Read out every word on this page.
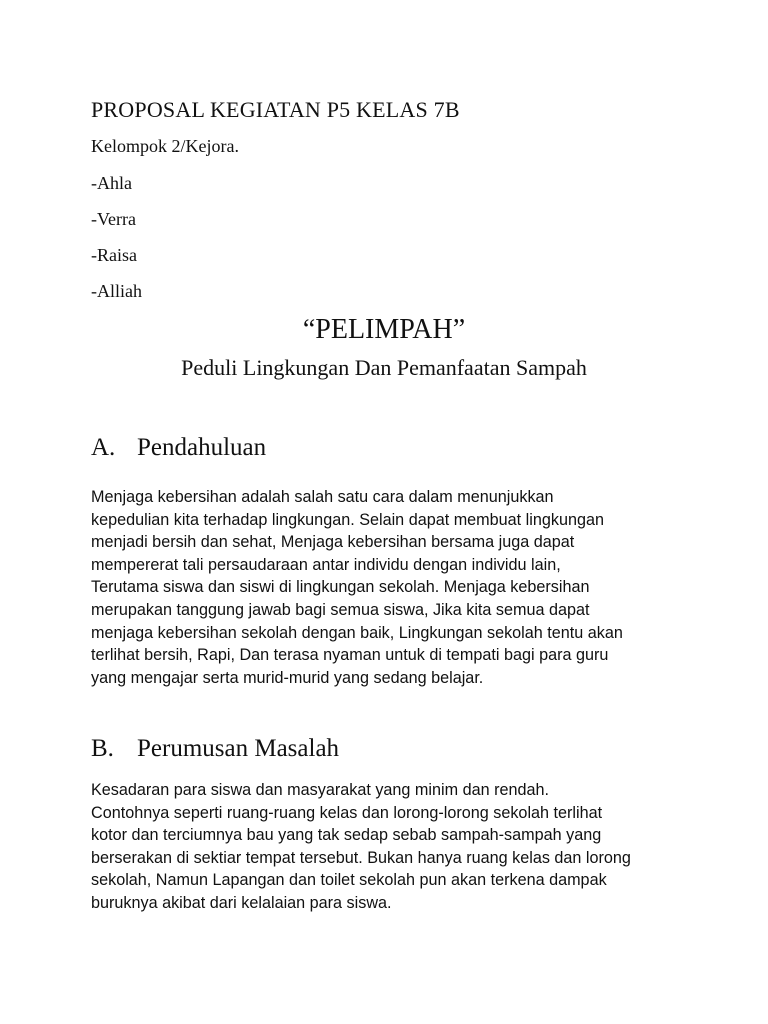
PROPOSAL KEGIATAN P5 KELAS 7B
Kelompok 2/Kejora.
-Ahla
-Verra
-Raisa
-Alliah
“PELIMPAH”
Peduli Lingkungan Dan Pemanfaatan Sampah
A. Pendahuluan

Menjaga kebersihan adalah salah satu cara dalam menunjukkan
kepedulian kita terhadap lingkungan. Selain dapat membuat lingkungan
menjadi bersih dan sehat, Menjaga kebersihan bersama juga dapat
mempererat tali persaudaraan antar individu dengan individu lain,
Terutama siswa dan siswi di lingkungan sekolah. Menjaga kebersihan
merupakan tanggung jawab bagi semua siswa, Jika kita semua dapat
menjaga kebersihan sekolah dengan baik, Lingkungan sekolah tentu akan
terlihat bersih, Rapi, Dan terasa nyaman untuk di tempati bagi para guru
yang mengajar serta murid-murid yang sedang belajar.

B. Perumusan Masalah

Kesadaran para siswa dan masyarakat yang minim dan rendah.
Contohnya seperti ruang-ruang kelas dan lorong-lorong sekolah terlihat
kotor dan terciumnya bau yang tak sedap sebab sampah-sampah yang
berserakan di sektiar tempat tersebut. Bukan hanya ruang kelas dan lorong
sekolah, Namun Lapangan dan toilet sekolah pun akan terkena dampak
buruknya akibat dari kelalaian para siswa.
